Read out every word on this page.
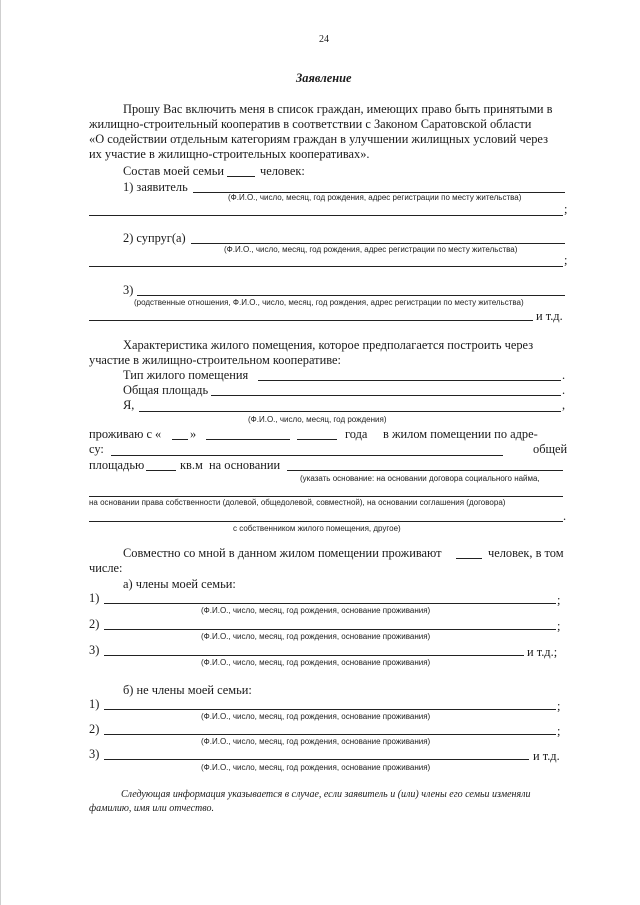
24
Заявление
Прошу Вас включить меня в список граждан, имеющих право быть принятыми в
жилищно-строительный кооператив в соответствии с Законом Саратовской области
«О содействии отдельным категориям граждан в улучшении жилищных условий через
их участие в жилищно-строительных кооперативах».
Состав моей семьи	человек:
1) заявитель
(Ф.И.О., число, месяц, год рождения, адрес регистрации по месту жительства)
;
2) супруг(а)
(Ф.И.О., число, месяц, год рождения, адрес регистрации по месту жительства)
;
3)
(родственные отношения, Ф.И.О., число, месяц, год рождения, адрес регистрации по месту жительства)
и т.д.
Характеристика жилого помещения, которое предполагается построить через
участие в жилищно-строительном кооперативе:
Тип жилого помещения	.
Общая площадь	.
Я,	,
(Ф.И.О., число, месяц, год рождения)
проживаю с « »	года в жилом помещении по адре-
су:	общей
площадью	кв.м на основании
(указать основание: на основании договора социального найма,
на основании права собственности (долевой, общедолевой, совместной), на основании соглашения (договора)
.
с собственником жилого помещения, другое)
Совместно со мной в данном жилом помещении проживают	человек, в том
числе:
а) члены моей семьи:
1)	;
(Ф.И.О., число, месяц, год рождения, основание проживания)
2)	;
(Ф.И.О., число, месяц, год рождения, основание проживания)
3)	и т.д.;
(Ф.И.О., число, месяц, год рождения, основание проживания)
б) не члены моей семьи:
1)	;
(Ф.И.О., число, месяц, год рождения, основание проживания)
2)	;
(Ф.И.О., число, месяц, год рождения, основание проживания)
3)	и т.д.
(Ф.И.О., число, месяц, год рождения, основание проживания)
Следующая информация указывается в случае, если заявитель и (или) члены его семьи изменяли
фамилию, имя или отчество.
